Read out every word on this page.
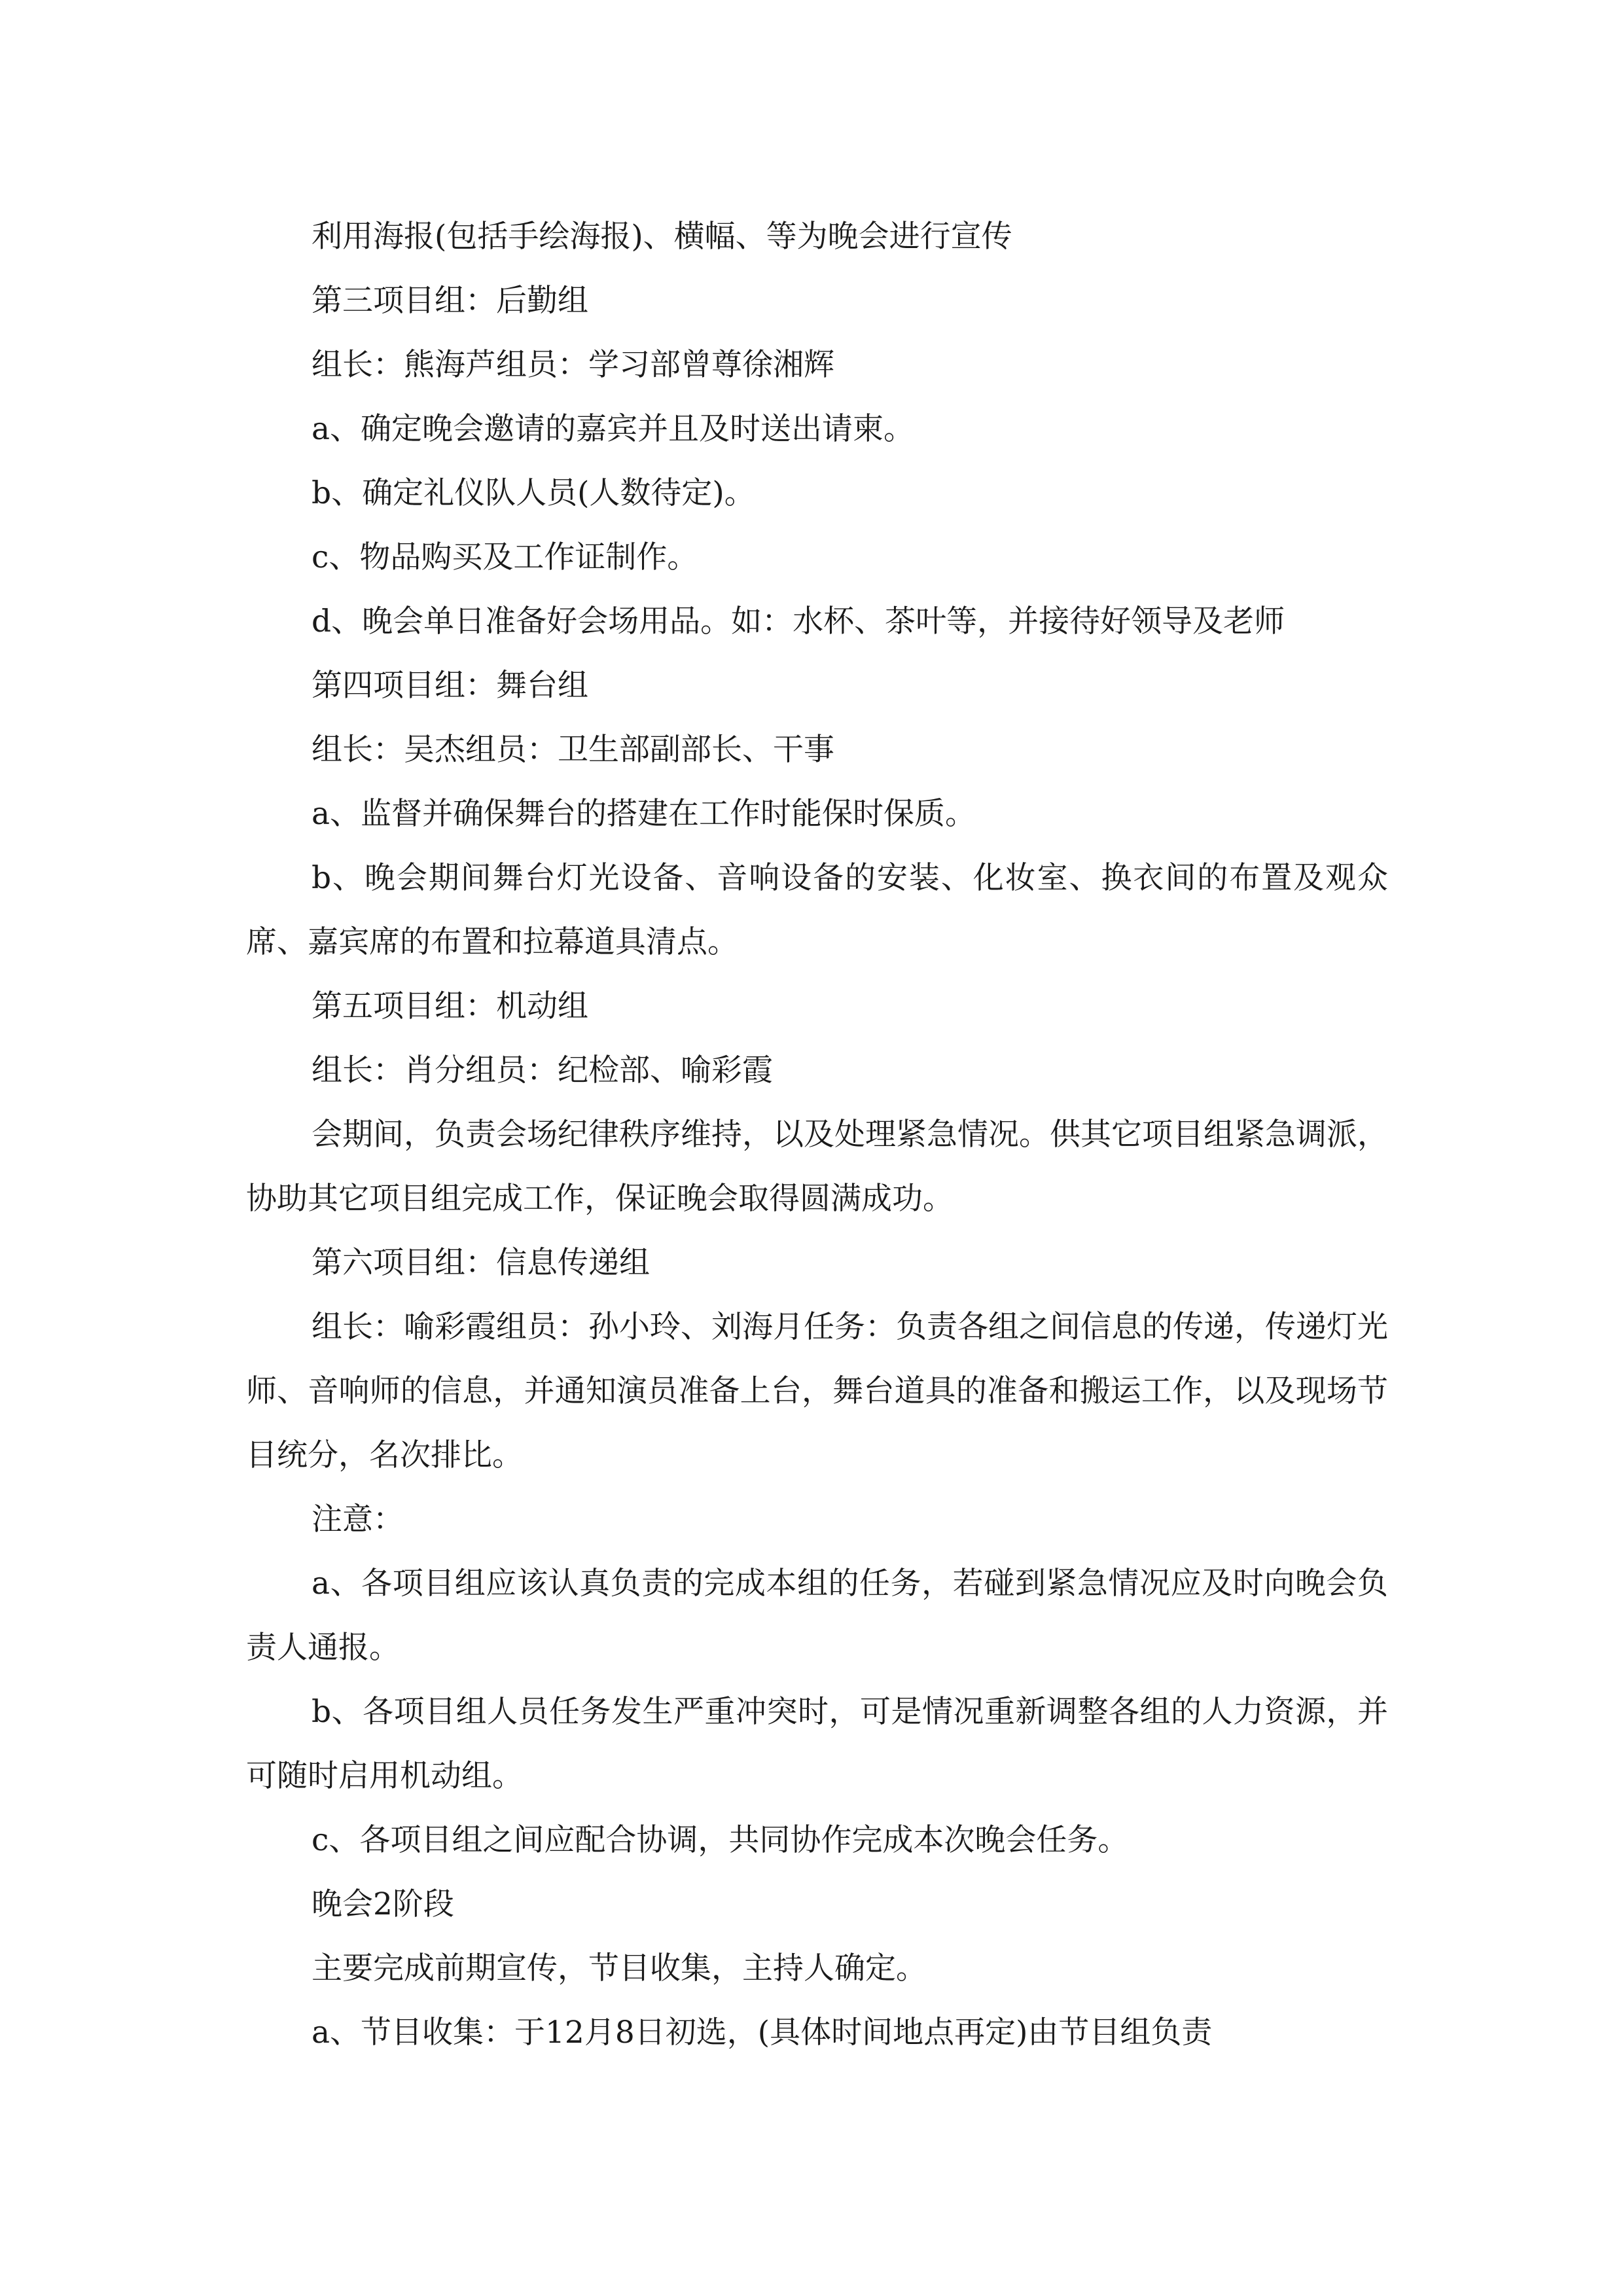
利用海报(包括手绘海报)、横幅、等为晚会进行宣传

第三项目组：后勤组

组长：熊海芦组员：学习部曾尊徐湘辉

a、确定晚会邀请的嘉宾并且及时送出请柬。

b、确定礼仪队人员(人数待定)。

c、物品购买及工作证制作。

d、晚会单日准备好会场用品。如：水杯、茶叶等，并接待好领导及老师

第四项目组：舞台组

组长：吴杰组员：卫生部副部长、干事

a、监督并确保舞台的搭建在工作时能保时保质。

b、晚会期间舞台灯光设备、音响设备的安装、化妆室、换衣间的布置及观众席、嘉宾席的布置和拉幕道具清点。

第五项目组：机动组

组长：肖分组员：纪检部、喻彩霞

会期间，负责会场纪律秩序维持，以及处理紧急情况。供其它项目组紧急调派，协助其它项目组完成工作，保证晚会取得圆满成功。

第六项目组：信息传递组

组长：喻彩霞组员：孙小玲、刘海月任务：负责各组之间信息的传递，传递灯光师、音响师的信息，并通知演员准备上台，舞台道具的准备和搬运工作，以及现场节目统分，名次排比。

注意：

a、各项目组应该认真负责的完成本组的任务，若碰到紧急情况应及时向晚会负责人通报。

b、各项目组人员任务发生严重冲突时，可是情况重新调整各组的人力资源，并可随时启用机动组。

c、各项目组之间应配合协调，共同协作完成本次晚会任务。

晚会2阶段

主要完成前期宣传，节目收集，主持人确定。

a、节目收集：于12月8日初选，(具体时间地点再定)由节目组负责
